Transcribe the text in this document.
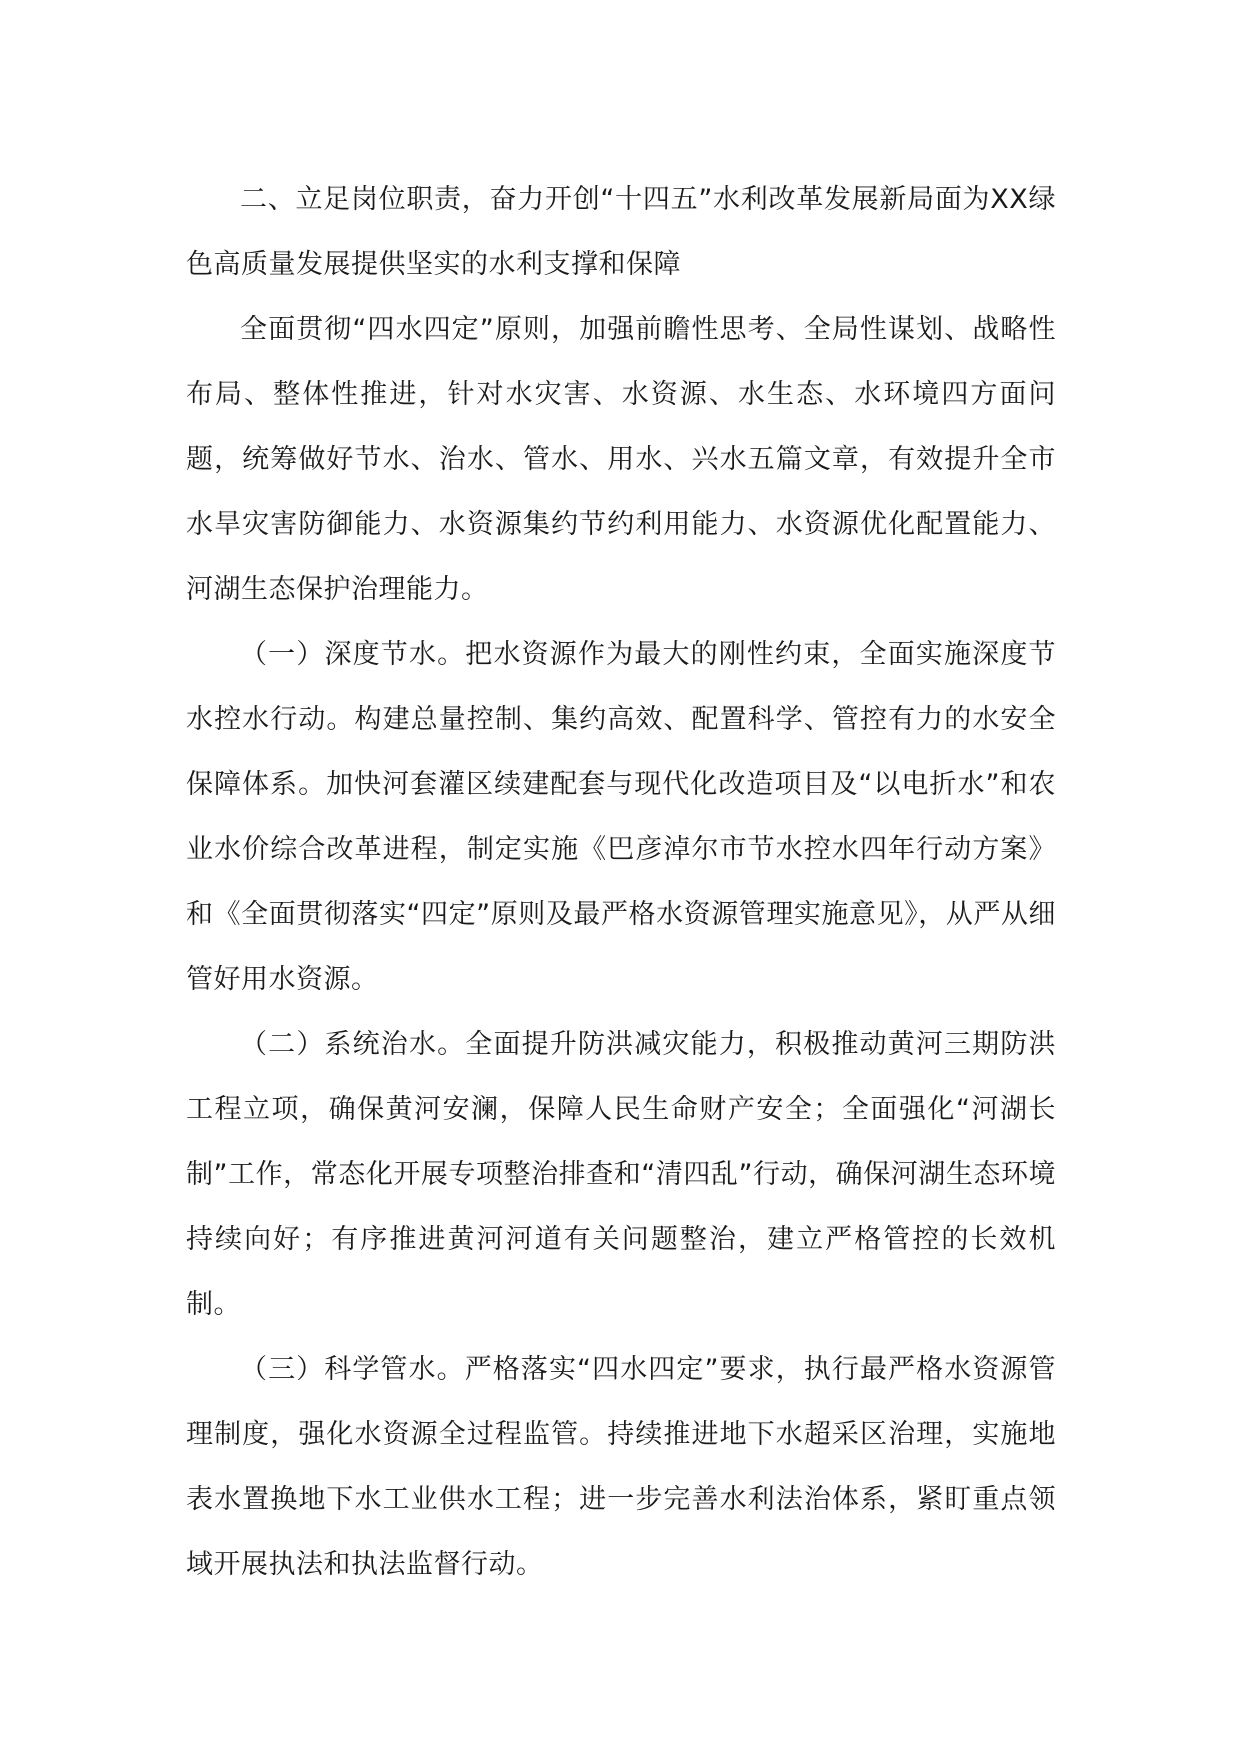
二、立足岗位职责，奋力开创“十四五”水利改革发展新局面为XX绿色高质量发展提供坚实的水利支撑和保障

全面贯彻“四水四定”原则，加强前瞻性思考、全局性谋划、战略性布局、整体性推进，针对水灾害、水资源、水生态、水环境四方面问题，统筹做好节水、治水、管水、用水、兴水五篇文章，有效提升全市水旱灾害防御能力、水资源集约节约利用能力、水资源优化配置能力、河湖生态保护治理能力。

（一）深度节水。把水资源作为最大的刚性约束，全面实施深度节水控水行动。构建总量控制、集约高效、配置科学、管控有力的水安全保障体系。加快河套灌区续建配套与现代化改造项目及“以电折水”和农业水价综合改革进程，制定实施《巴彦淖尔市节水控水四年行动方案》和《全面贯彻落实“四定”原则及最严格水资源管理实施意见》，从严从细管好用水资源。

（二）系统治水。全面提升防洪减灾能力，积极推动黄河三期防洪工程立项，确保黄河安澜，保障人民生命财产安全；全面强化“河湖长制”工作，常态化开展专项整治排查和“清四乱”行动，确保河湖生态环境持续向好；有序推进黄河河道有关问题整治，建立严格管控的长效机制。

（三）科学管水。严格落实“四水四定”要求，执行最严格水资源管理制度，强化水资源全过程监管。持续推进地下水超采区治理，实施地表水置换地下水工业供水工程；进一步完善水利法治体系，紧盯重点领域开展执法和执法监督行动。
